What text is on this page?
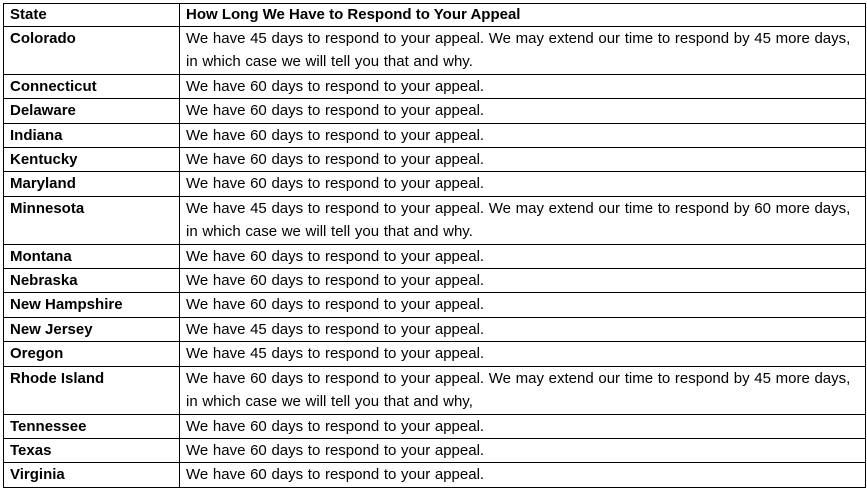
State	How Long We Have to Respond to Your Appeal
Colorado	We have 45 days to respond to your appeal. We may extend our time to respond by 45 more days, in which case we will tell you that and why.
Connecticut	We have 60 days to respond to your appeal.
Delaware	We have 60 days to respond to your appeal.
Indiana	We have 60 days to respond to your appeal.
Kentucky	We have 60 days to respond to your appeal.
Maryland	We have 60 days to respond to your appeal.
Minnesota	We have 45 days to respond to your appeal. We may extend our time to respond by 60 more days, in which case we will tell you that and why.
Montana	We have 60 days to respond to your appeal.
Nebraska	We have 60 days to respond to your appeal.
New Hampshire	We have 60 days to respond to your appeal.
New Jersey	We have 45 days to respond to your appeal.
Oregon	We have 45 days to respond to your appeal.
Rhode Island	We have 60 days to respond to your appeal. We may extend our time to respond by 45 more days, in which case we will tell you that and why,
Tennessee	We have 60 days to respond to your appeal.
Texas	We have 60 days to respond to your appeal.
Virginia	We have 60 days to respond to your appeal.
